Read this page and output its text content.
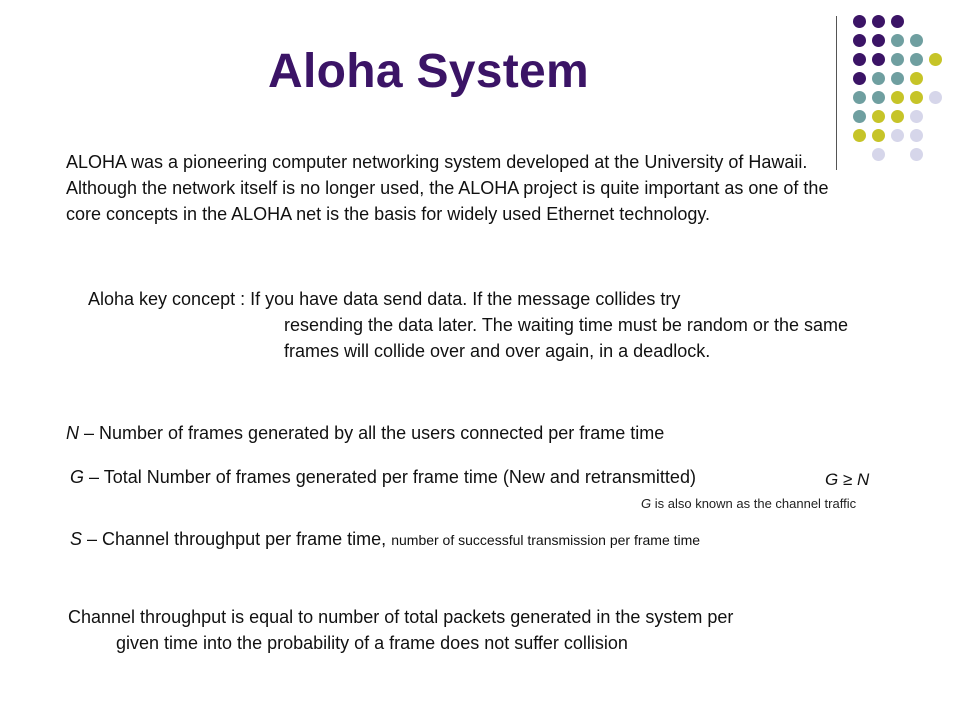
Aloha System
ALOHA was a pioneering computer networking system developed at the University of Hawaii. Although the network itself is no longer used, the ALOHA project is quite important as one of the core concepts in the ALOHA net is the basis for widely used Ethernet technology.
Aloha key concept : If you have data send data. If the message collides try
resending the data later. The waiting time must be random or the same frames will collide over and over again, in a deadlock.
N – Number of frames generated by all the users connected per frame time
G – Total Number of frames generated per frame time (New and retransmitted)	G ≥ N
G is also known as the channel traffic
S – Channel throughput per frame time, number of successful transmission per frame time
Channel throughput is equal to number of total packets generated in the system per
given time into the probability of a frame does not suffer collision
